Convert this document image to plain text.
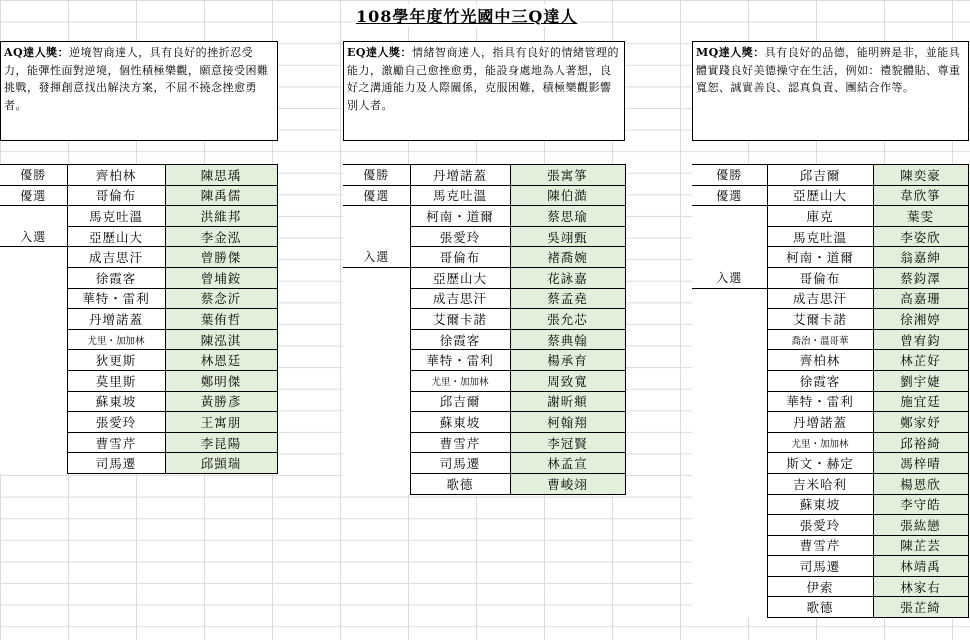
108學年度竹光國中三Q達人
AQ達人獎：逆境智商達人，具有良好的挫折忍受力，能彈性面對逆境，個性積極樂觀，願意接受困難挑戰，發揮創意找出解決方案，不屈不撓念挫愈勇者。
EQ達人獎：情緒智商達人，指具有良好的情緒管理的能力，激勵自己愈挫愈勇，能設身處地為人著想，良好之溝通能力及人際關係，克服困難，積極樂觀影響別人者。
MQ達人獎：具有良好的品德，能明辨是非，並能具體實踐良好美德操守在生活，例如：禮貌體貼、尊重寬恕、誠實善良、認真負責、團結合作等。
優勝	齊柏林	陳思瑀
優選	哥倫布	陳禹儒
	馬克吐溫	洪維邦
入選	亞歷山大	李金泓
	成吉思汗	曾勝傑
	徐霞客	曾埔銨
	華特・雷利	蔡念沂
	丹增諾蓋	葉侑哲
	尤里・加加林	陳泓淇
	狄更斯	林恩廷
	莫里斯	鄭明傑
	蘇東坡	黃勝彥
	張愛玲	王寓朋
	曹雪芹	李昆陽
	司馬遷	邱顗瑞
優勝	丹增諾蓋	張寓箏
優選	馬克吐溫	陳伯澔
	柯南・道爾	蔡思瑜
	張愛玲	吳翊甄
入選	哥倫布	褚喬婉
	亞歷山大	花詠嘉
	成吉思汗	蔡孟堯
	艾爾卡諾	張允芯
	徐霞客	蔡典翰
	華特・雷利	楊承育
	尤里・加加林	周致寬
	邱吉爾	謝昕頫
	蘇東坡	柯翰翔
	曹雪芹	李冠賢
	司馬遷	林孟宣
	歌德	曹峻翊
優勝	邱吉爾	陳奕豪
優選	亞歷山大	韋欣箏
	庫克	葉雯
	馬克吐溫	李姿欣
	柯南・道爾	翁嘉紳
入選	哥倫布	蔡鈞澤
	成吉思汗	高嘉珊
	艾爾卡諾	徐湘婷
	喬治・溫哥華	曾宥鈞
	齊柏林	林芷好
	徐霞客	劉宇婕
	華特・雷利	施宜廷
	丹增諾蓋	鄭家妤
	尤里・加加林	邱裕綺
	斯文・赫定	馮梓晴
	吉米哈利	楊恩欣
	蘇東坡	李守皓
	張愛玲	張紘戀
	曹雪芹	陳芷芸
	司馬遷	林靖禹
	伊索	林家右
	歌德	張芷綺
